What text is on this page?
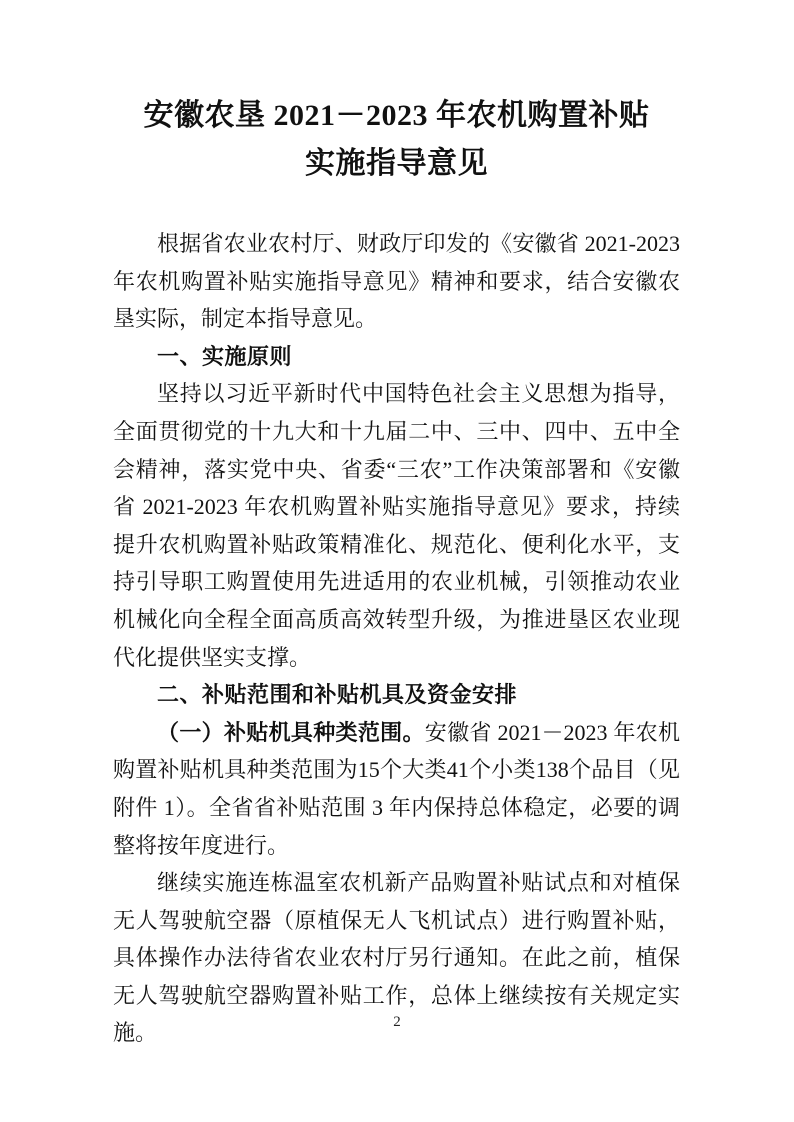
安徽农垦 2021－2023 年农机购置补贴
实施指导意见

根据省农业农村厅、财政厅印发的《安徽省 2021-2023 年农机购置补贴实施指导意见》精神和要求，结合安徽农垦实际，制定本指导意见。

一、实施原则

坚持以习近平新时代中国特色社会主义思想为指导，全面贯彻党的十九大和十九届二中、三中、四中、五中全会精神，落实党中央、省委“三农”工作决策部署和《安徽省 2021-2023 年农机购置补贴实施指导意见》要求，持续提升农机购置补贴政策精准化、规范化、便利化水平，支持引导职工购置使用先进适用的农业机械，引领推动农业机械化向全程全面高质高效转型升级，为推进垦区农业现代化提供坚实支撑。

二、补贴范围和补贴机具及资金安排

（一）补贴机具种类范围。安徽省 2021－2023 年农机购置补贴机具种类范围为15个大类41个小类138个品目（见附件 1）。全省省补贴范围 3 年内保持总体稳定，必要的调整将按年度进行。

继续实施连栋温室农机新产品购置补贴试点和对植保无人驾驶航空器（原植保无人飞机试点）进行购置补贴，具体操作办法待省农业农村厅另行通知。在此之前，植保无人驾驶航空器购置补贴工作，总体上继续按有关规定实施。	2
